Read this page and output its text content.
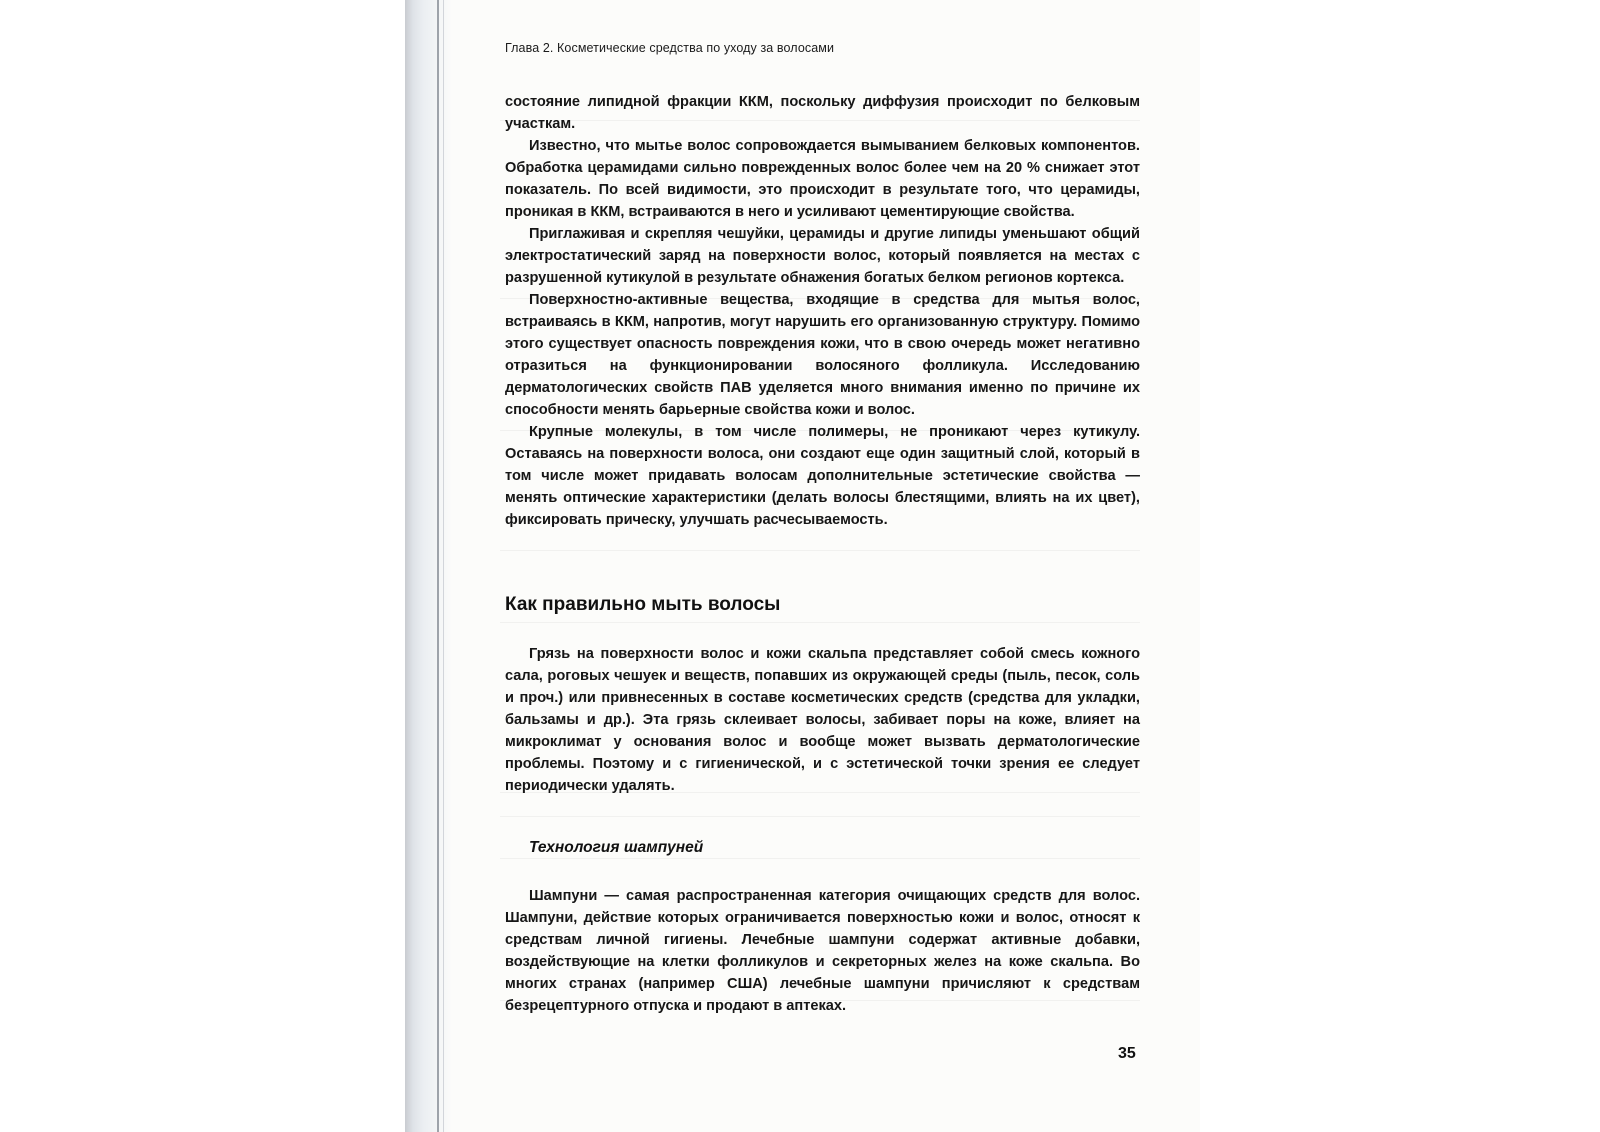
Глава 2. Косметические средства по уходу за волосами

состояние липидной фракции ККМ, поскольку диффузия происходит по белковым участкам.

Известно, что мытье волос сопровождается вымыванием белковых компонентов. Обработка церамидами сильно поврежденных волос более чем на 20 % снижает этот показатель. По всей видимости, это происходит в результате того, что церамиды, проникая в ККМ, встраиваются в него и усиливают цементирующие свойства.

Приглаживая и скрепляя чешуйки, церамиды и другие липиды уменьшают общий электростатический заряд на поверхности волос, который появляется на местах с разрушенной кутикулой в результате обнажения богатых белком регионов кортекса.

Поверхностно-активные вещества, входящие в средства для мытья волос, встраиваясь в ККМ, напротив, могут нарушить его организованную структуру. Помимо этого существует опасность повреждения кожи, что в свою очередь может негативно отразиться на функционировании волосяного фолликула. Исследованию дерматологических свойств ПАВ уделяется много внимания именно по причине их способности менять барьерные свойства кожи и волос.

Крупные молекулы, в том числе полимеры, не проникают через кутикулу. Оставаясь на поверхности волоса, они создают еще один защитный слой, который в том числе может придавать волосам дополнительные эстетические свойства — менять оптические характеристики (делать волосы блестящими, влиять на их цвет), фиксировать прическу, улучшать расчесываемость.

Как правильно мыть волосы

Грязь на поверхности волос и кожи скальпа представляет собой смесь кожного сала, роговых чешуек и веществ, попавших из окружающей среды (пыль, песок, соль и проч.) или привнесенных в составе косметических средств (средства для укладки, бальзамы и др.). Эта грязь склеивает волосы, забивает поры на коже, влияет на микроклимат у основания волос и вообще может вызвать дерматологические проблемы. Поэтому и с гигиенической, и с эстетической точки зрения ее следует периодически удалять.

Технология шампуней

Шампуни — самая распространенная категория очищающих средств для волос. Шампуни, действие которых ограничивается поверхностью кожи и волос, относят к средствам личной гигиены. Лечебные шампуни содержат активные добавки, воздействующие на клетки фолликулов и секреторных желез на коже скальпа. Во многих странах (например США) лечебные шампуни причисляют к средствам безрецептурного отпуска и продают в аптеках.

35
